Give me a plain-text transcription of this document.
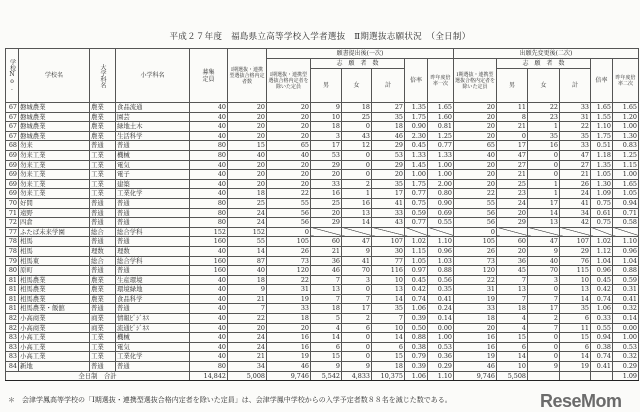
平成２７年度　福島県立高等学校入学者選抜　Ⅱ期選抜志願状況　（全日制）
学校No.	学校名	大学科名	小学科名	募集定員	Ⅰ期選抜・連携型選抜合格内定者数	願書提出後(一次)						出願先変更後(二次)					

						Ⅰ期選抜・連携型選抜合格内定者を除いた定員	志　願　者　数			倍率	昨年度倍率一次	Ⅰ期選抜・連携型選抜合格内定者を除いた定員	志　願　者　数			倍率	昨年度倍率二次

							男	女	計				男	女	計		
67	磐城農業	農業	食品流通	40	20	20	9	18	27	1.35	1.65	20	11	22	33	1.65	1.65
67	磐城農業	農業	園芸	40	20	20	10	25	35	1.75	1.60	20	8	23	31	1.55	1.20
67	磐城農業	農業	緑地土木	40	20	20	18	0	18	0.90	0.81	20	21	1	22	1.10	1.00
67	磐城農業	農業	生活科学	40	20	20	3	43	46	2.30	1.25	20	0	35	35	1.75	1.30
68	勿来	普通	普通	80	15	65	17	12	29	0.45	0.77	65	17	16	33	0.51	0.83
69	勿来工業	工業	機械	80	40	40	53	0	53	1.33	1.33	40	47	0	47	1.18	1.25
69	勿来工業	工業	電気	40	20	20	29	0	29	1.45	1.00	20	27	0	27	1.35	1.15
69	勿来工業	工業	電子	40	20	20	20	0	20	1.00	1.00	20	21	0	21	1.05	1.00
69	勿来工業	工業	建築	40	20	20	33	2	35	1.75	2.00	20	25	1	26	1.30	1.65
69	勿来工業	工業	工業化学	40	18	22	16	1	17	0.77	0.80	22	23	1	24	1.09	1.05
70	好間	普通	普通	80	25	55	25	16	41	0.75	0.90	55	24	17	41	0.75	0.94
71	遠野	普通	普通	80	24	56	20	13	33	0.59	0.69	56	20	14	34	0.61	0.71
72	四倉	普通	普通	80	24	56	29	14	43	0.77	0.55	56	29	13	42	0.75	0.58
77	ふたば未来学園	総合	総合学科	152	152	0						0					
78	相馬	普通	普通	160	55	105	60	47	107	1.02	1.10	105	60	47	107	1.02	1.10
78	相馬	理数	理数	40	14	26	21	9	30	1.15	0.96	26	20	9	29	1.12	0.96
79	相馬東	総合	総合学科	160	87	73	36	41	77	1.05	1.03	73	36	40	76	1.04	1.04
80	原町	普通	普通	160	40	120	46	70	116	0.97	0.88	120	45	70	115	0.96	0.88
81	相馬農業	農業	生産環境	40	18	22	7	3	10	0.45	0.56	22	7	3	10	0.45	0.59
81	相馬農業	農業	環境緑地	40	9	31	13	0	13	0.42	0.35	31	13	0	13	0.42	0.31
81	相馬農業	農業	食品科学	40	21	19	7	7	14	0.74	0.41	19	7	7	14	0.74	0.41
81	相馬農業・飯舘	普通	普通	40	7	33	18	17	35	1.06	0.24	33	18	17	35	1.06	0.32
82	小高商業	商業	情報ﾋﾞｼﾞﾈｽ	40	22	18	5	2	7	0.39	0.14	18	4	2	6	0.33	0.14
82	小高商業	商業	流通ﾋﾞｼﾞﾈｽ	40	20	20	4	6	10	0.50	0.00	20	4	7	11	0.55	0.00
83	小高工業	工業	機械	40	24	16	14	0	14	0.88	1.00	16	15	0	15	0.94	1.00
83	小高工業	工業	電気	40	24	16	6	0	6	0.38	0.53	16	6	0	6	0.38	0.53
83	小高工業	工業	工業化学	40	21	19	15	0	15	0.79	0.36	19	14	0	14	0.74	0.32
84	新地	普通	普通	80	34	46	9	9	18	0.39	0.29	46	10	9	19	0.41	0.29
全日制　合計				14,842	5,008	9,746	5,542	4,833	10,375	1.06	1.10	9,746	5,508				1.09
＊　会津学鳳高等学校の「Ⅰ期選抜・連携型選抜合格内定者を除いた定員」は、会津学鳳中学校からの入学予定者数８８名を減じた数である。	ReseMom
